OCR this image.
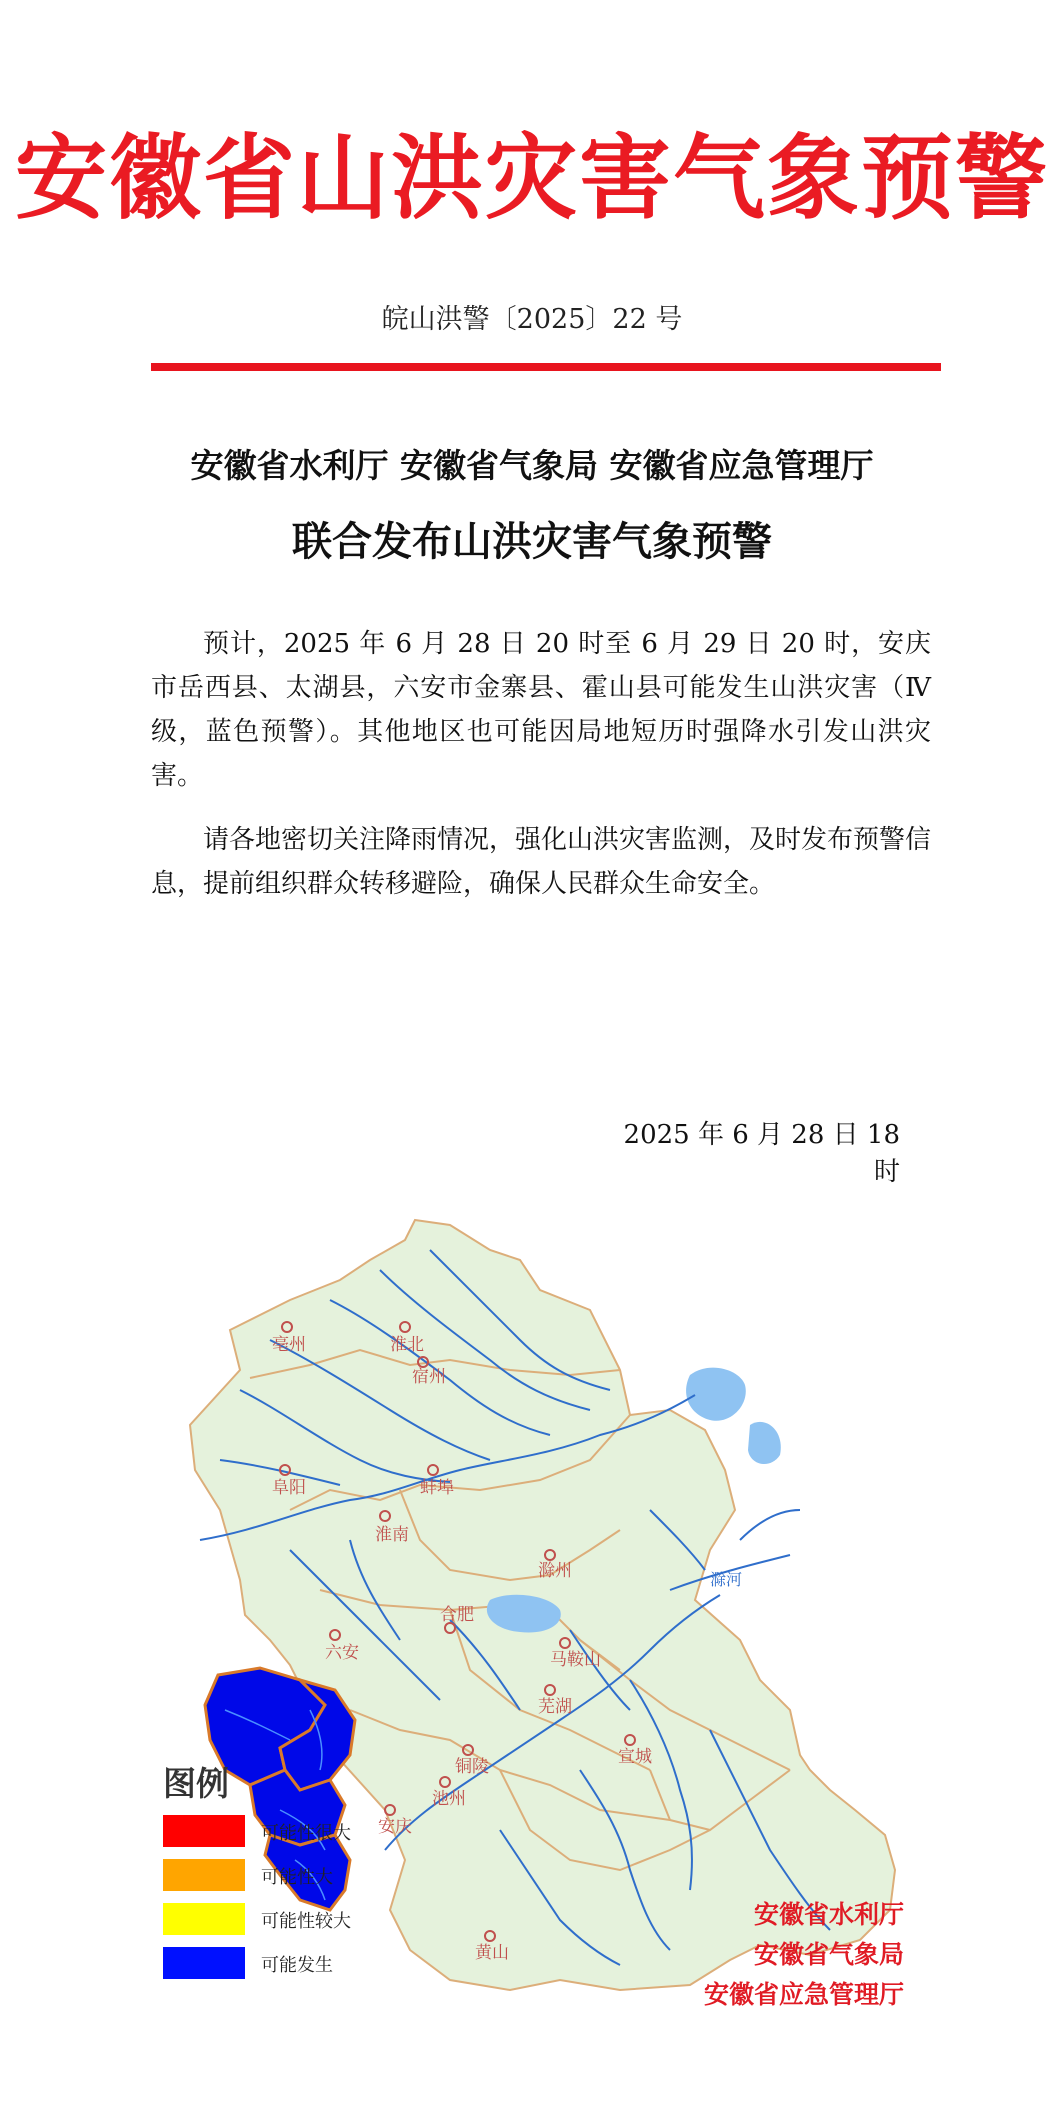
安徽省山洪灾害气象预警
皖山洪警〔2025〕22 号
安徽省水利厅 安徽省气象局 安徽省应急管理厅
联合发布山洪灾害气象预警
预计，2025 年 6 月 28 日 20 时至 6 月 29 日 20 时，安庆市岳西县、太湖县，六安市金寨县、霍山县可能发生山洪灾害（Ⅳ级，蓝色预警）。其他地区也可能因局地短历时强降水引发山洪灾害。
请各地密切关注降雨情况，强化山洪灾害监测，及时发布预警信息，提前组织群众转移避险，确保人民群众生命安全。
2025 年 6 月 28 日 18 时
亳州	淮北
宿州
阜阳	蚌埠
淮南
滁州
六安
合肥
马鞍山
芜湖
宣城
铜陵
池州
安庆
黄山
滁河
图例
可能性很大
可能性大
可能性较大
可能发生
安徽省水利厅
安徽省气象局
安徽省应急管理厅
